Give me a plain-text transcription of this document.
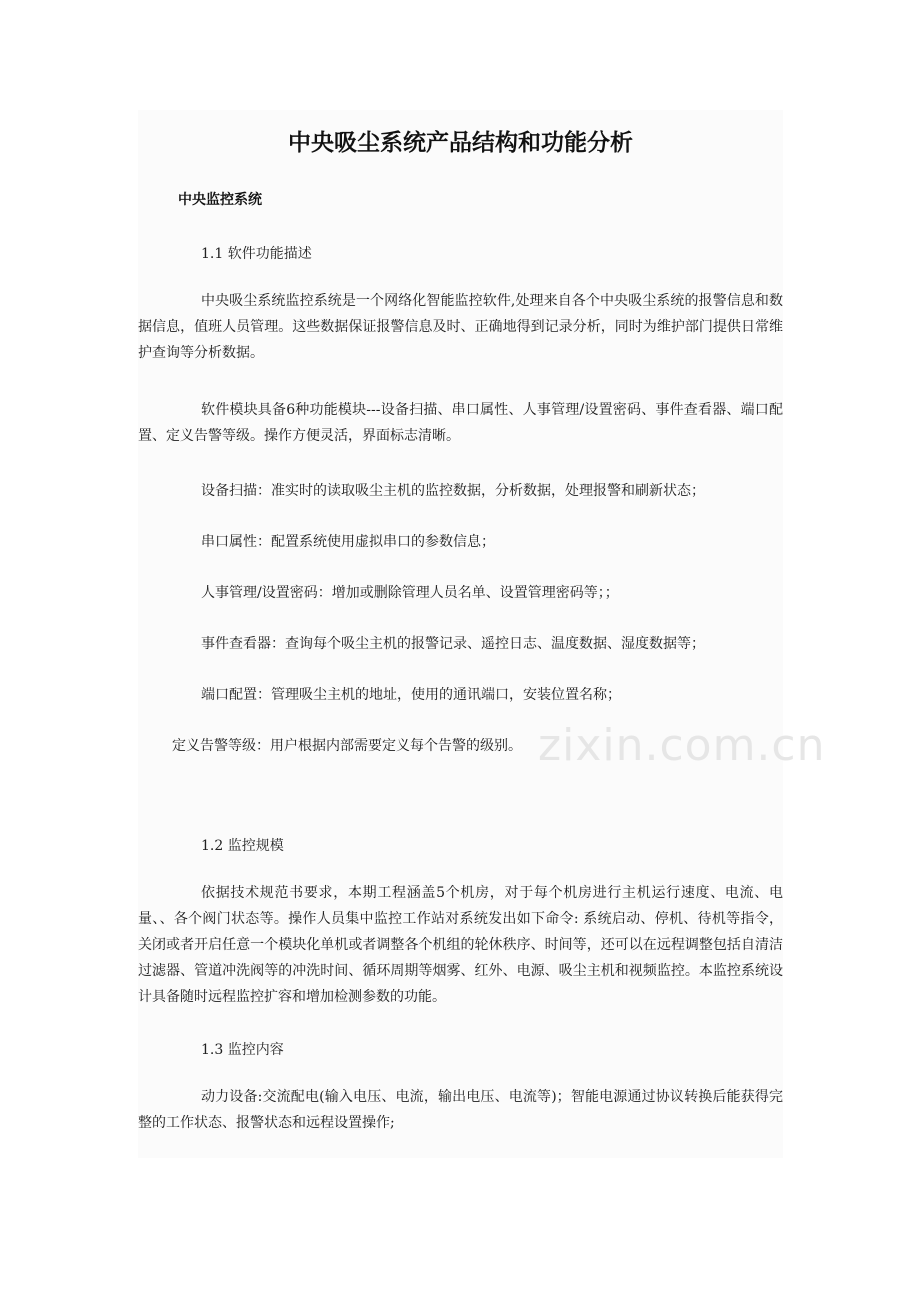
zixin.com.cn
中央吸尘系统产品结构和功能分析
中央监控系统

1.1 软件功能描述

中央吸尘系统监控系统是一个网络化智能监控软件,处理来自各个中央吸尘系统的报警信息和数据信息，值班人员管理。这些数据保证报警信息及时、正确地得到记录分析，同时为维护部门提供日常维护查询等分析数据。

软件模块具备6种功能模块---设备扫描、串口属性、人事管理/设置密码、事件查看器、端口配置、定义告警等级。操作方便灵活，界面标志清晰。

设备扫描：准实时的读取吸尘主机的监控数据，分析数据，处理报警和刷新状态；

串口属性：配置系统使用虚拟串口的参数信息；

人事管理/设置密码：增加或删除管理人员名单、设置管理密码等；；

事件查看器：查询每个吸尘主机的报警记录、遥控日志、温度数据、湿度数据等；

端口配置：管理吸尘主机的地址，使用的通讯端口，安装位置名称；

定义告警等级：用户根据内部需要定义每个告警的级别。

1.2 监控规模

依据技术规范书要求，本期工程涵盖5个机房，对于每个机房进行主机运行速度、电流、电量、、各个阀门状态等。操作人员集中监控工作站对系统发出如下命令: 系统启动、停机、待机等指令，关闭或者开启任意一个模块化单机或者调整各个机组的轮休秩序、时间等，还可以在远程调整包括自清洁过滤器、管道冲洗阀等的冲洗时间、循环周期等烟雾、红外、电源、吸尘主机和视频监控。本监控系统设计具备随时远程监控扩容和增加检测参数的功能。

1.3 监控内容

动力设备:交流配电(输入电压、电流，输出电压、电流等)；智能电源通过协议转换后能获得完整的工作状态、报警状态和远程设置操作;
